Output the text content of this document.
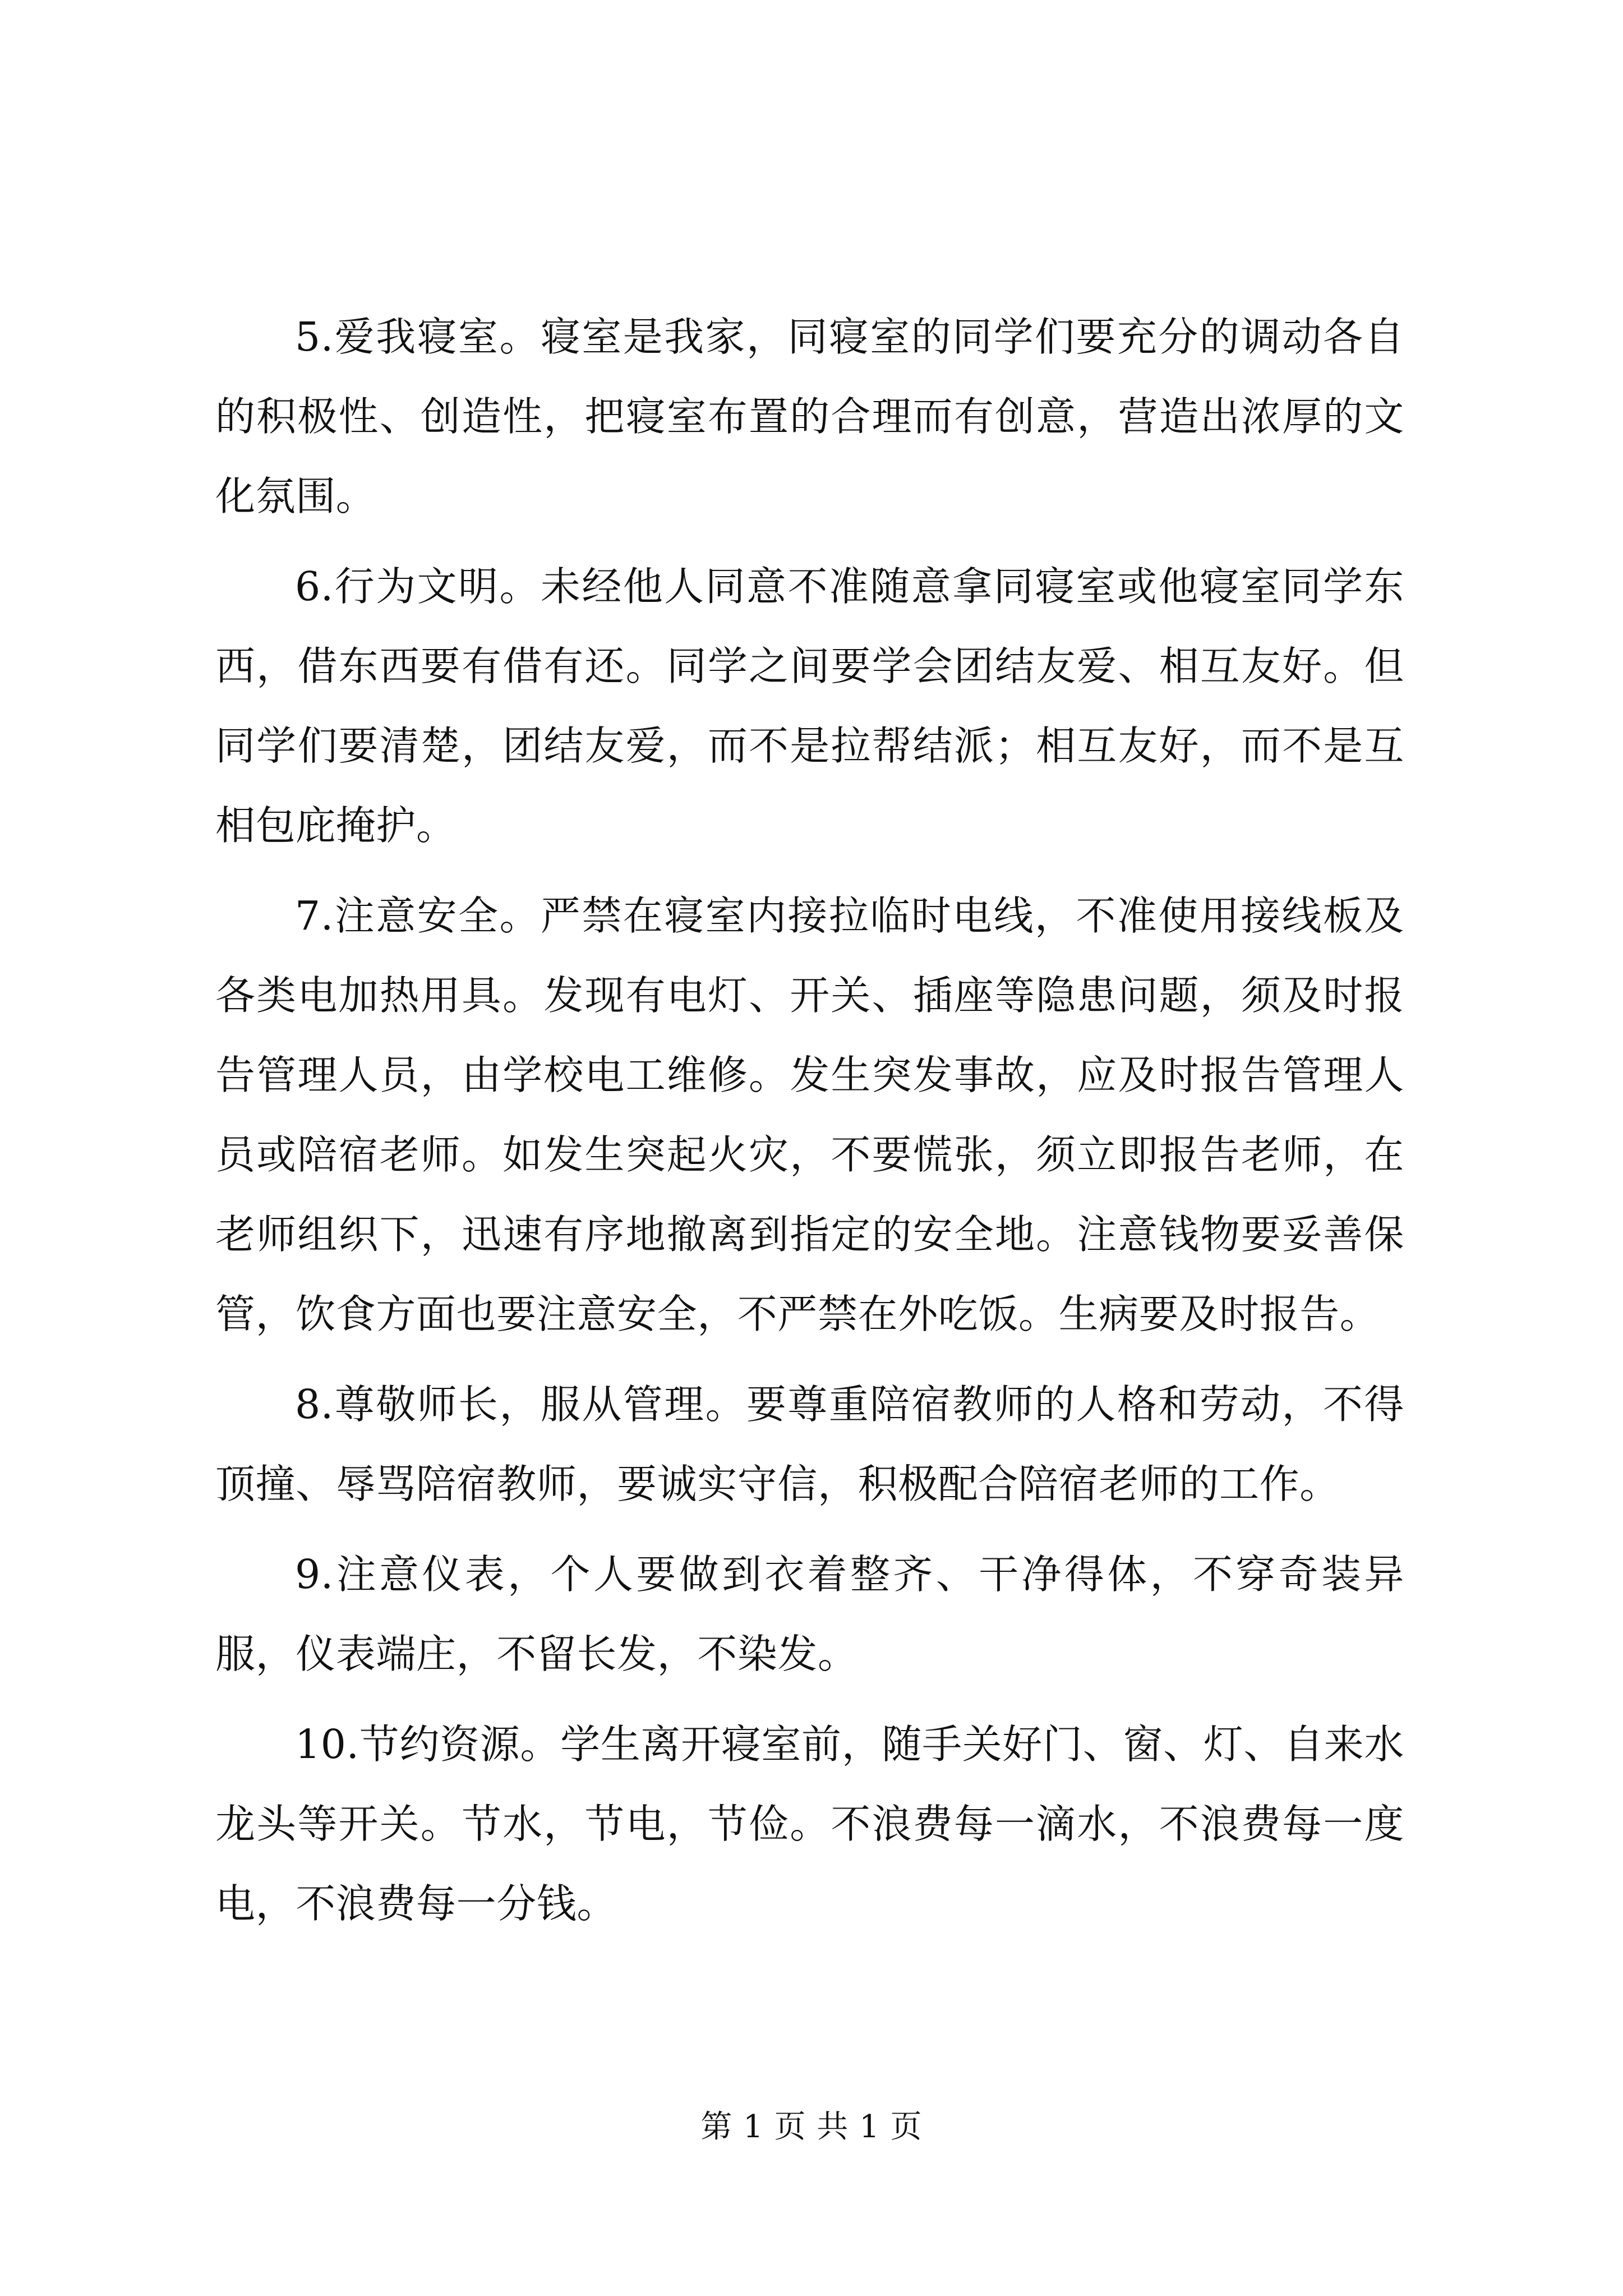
5.爱我寝室。寝室是我家，同寝室的同学们要充分的调动各自的积极性、创造性，把寝室布置的合理而有创意，营造出浓厚的文化氛围。

6.行为文明。未经他人同意不准随意拿同寝室或他寝室同学东西，借东西要有借有还。同学之间要学会团结友爱、相互友好。但同学们要清楚，团结友爱，而不是拉帮结派；相互友好，而不是互相包庇掩护。

7.注意安全。严禁在寝室内接拉临时电线，不准使用接线板及各类电加热用具。发现有电灯、开关、插座等隐患问题，须及时报告管理人员，由学校电工维修。发生突发事故，应及时报告管理人员或陪宿老师。如发生突起火灾，不要慌张，须立即报告老师，在老师组织下，迅速有序地撤离到指定的安全地。注意钱物要妥善保管，饮食方面也要注意安全，不严禁在外吃饭。生病要及时报告。

8.尊敬师长，服从管理。要尊重陪宿教师的人格和劳动，不得顶撞、辱骂陪宿教师，要诚实守信，积极配合陪宿老师的工作。

9.注意仪表，个人要做到衣着整齐、干净得体，不穿奇装异服，仪表端庄，不留长发，不染发。

10.节约资源。学生离开寝室前，随手关好门、窗、灯、自来水龙头等开关。节水，节电，节俭。不浪费每一滴水，不浪费每一度电，不浪费每一分钱。

第 1 页 共 1 页
